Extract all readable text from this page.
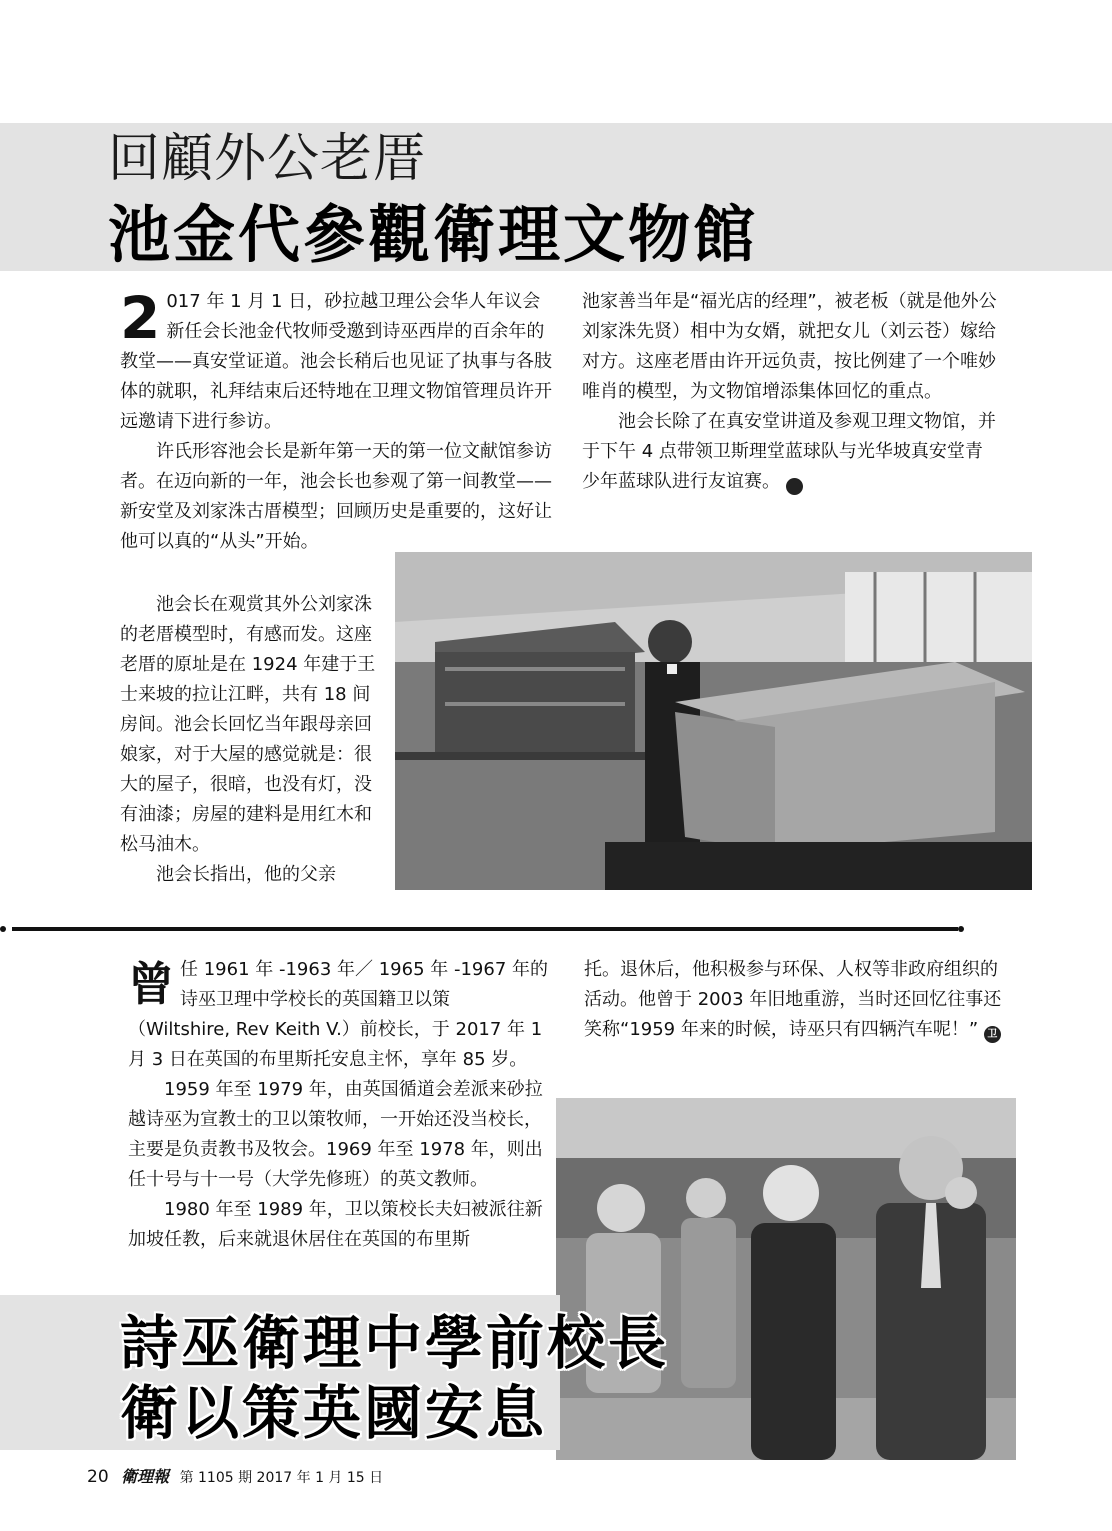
回顧外公老厝
池金代參觀衛理文物館

2 017 年 1 月 1 日，砂拉越卫理公会华人年议会新任会长池金代牧师受邀到诗巫西岸的百余年的教堂——真安堂证道。池会长稍后也见证了执事与各肢体的就职，礼拜结束后还特地在卫理文物馆管理员许开远邀请下进行参访。

许氏形容池会长是新年第一天的第一位文献馆参访者。在迈向新的一年，池会长也参观了第一间教堂——新安堂及刘家洙古厝模型；回顾历史是重要的，这好让他可以真的“从头”开始。

池会长在观赏其外公刘家洙的老厝模型时，有感而发。这座老厝的原址是在 1924 年建于王士来坡的拉让江畔，共有 18 间房间。池会长回忆当年跟母亲回娘家，对于大屋的感觉就是：很大的屋子，很暗，也没有灯，没有油漆；房屋的建料是用红木和松马油木。

池会长指出，他的父亲

池家善当年是“福光店的经理”，被老板（就是他外公刘家洙先贤）相中为女婿，就把女儿（刘云苍）嫁给对方。这座老厝由许开远负责，按比例建了一个唯妙唯肖的模型，为文物馆增添集体回忆的重点。

池会长除了在真安堂讲道及参观卫理文物馆，并于下午 4 点带领卫斯理堂蓝球队与光华坡真安堂青少年蓝球队进行友谊赛。	卫

曾任 1961 年 -1963 年／ 1965 年 -1967 年的诗巫卫理中学校长的英国籍卫以策（Wiltshire, Rev Keith V.）前校长，于 2017 年 1 月 3 日在英国的布里斯托安息主怀，享年 85 岁。

1959 年至 1979 年，由英国循道会差派来砂拉越诗巫为宣教士的卫以策牧师，一开始还没当校长，主要是负责教书及牧会。1969 年至 1978 年，则出任十号与十一号（大学先修班）的英文教师。

1980 年至 1989 年，卫以策校长夫妇被派往新加坡任教，后来就退休居住在英国的布里斯

托。退休后，他积极参与环保、人权等非政府组织的活动。他曾于 2003 年旧地重游，当时还回忆往事还笑称“1959 年来的时候，诗巫只有四辆汽车呢！” 卫

詩巫衛理中學前校長
衛以策英國安息
20 衛理報 第 1105 期 2017 年 1 月 15 日
